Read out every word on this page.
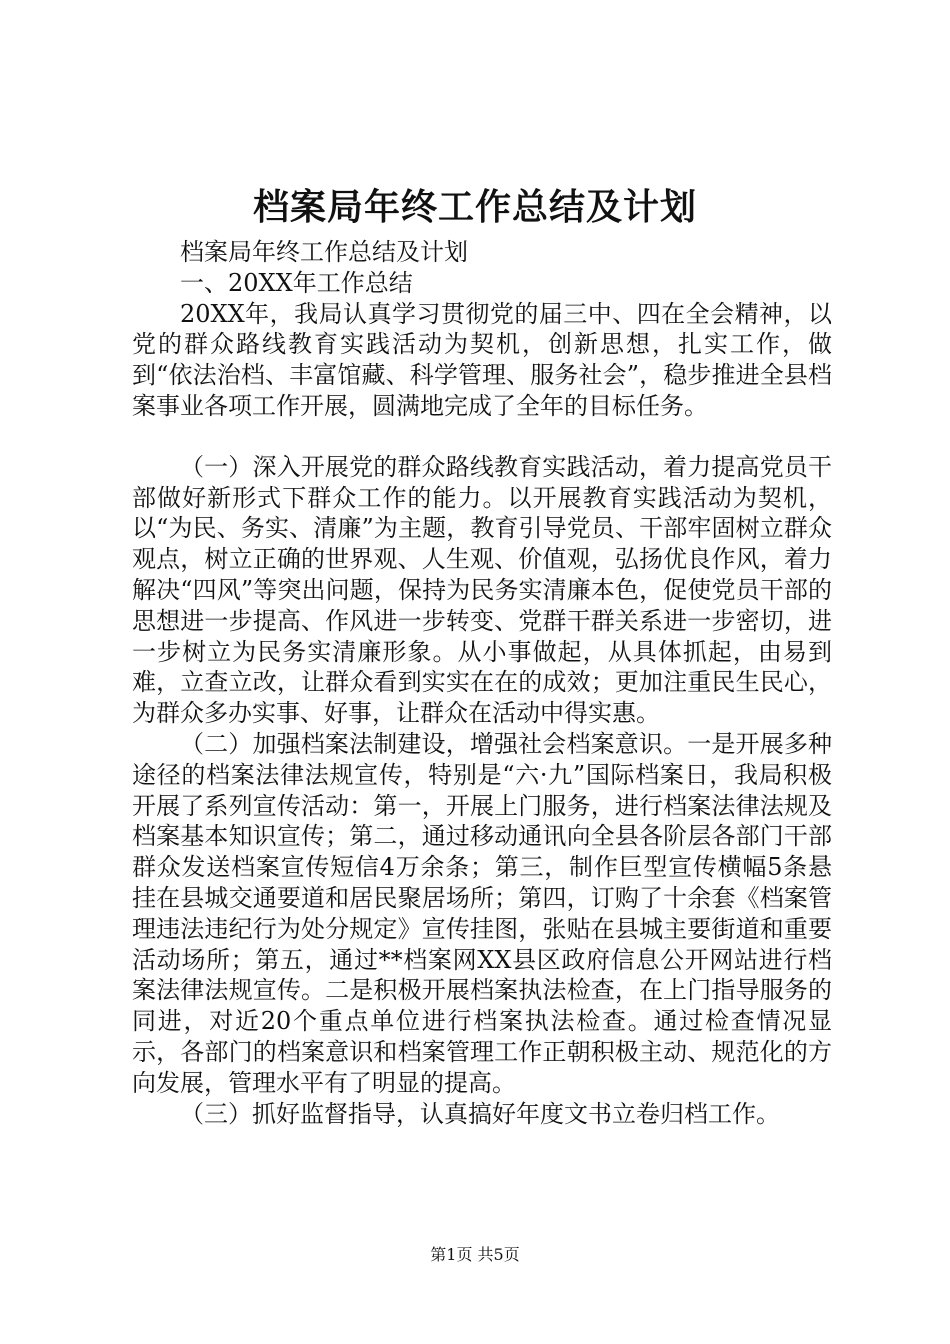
档案局年终工作总结及计划

档案局年终工作总结及计划

一、20XX年工作总结

20XX年，我局认真学习贯彻党的届三中、四在全会精神，以党的群众路线教育实践活动为契机，创新思想，扎实工作，做到“依法治档、丰富馆藏、科学管理、服务社会”，稳步推进全县档案事业各项工作开展，圆满地完成了全年的目标任务。

（一）深入开展党的群众路线教育实践活动，着力提高党员干部做好新形式下群众工作的能力。以开展教育实践活动为契机，以“为民、务实、清廉”为主题，教育引导党员、干部牢固树立群众观点，树立正确的世界观、人生观、价值观，弘扬优良作风，着力解决“四风”等突出问题，保持为民务实清廉本色，促使党员干部的思想进一步提高、作风进一步转变、党群干群关系进一步密切，进一步树立为民务实清廉形象。从小事做起，从具体抓起，由易到难，立查立改，让群众看到实实在在的成效；更加注重民生民心，为群众多办实事、好事，让群众在活动中得实惠。

（二）加强档案法制建设，增强社会档案意识。一是开展多种途径的档案法律法规宣传，特别是“六·九”国际档案日，我局积极开展了系列宣传活动：第一，开展上门服务，进行档案法律法规及档案基本知识宣传；第二，通过移动通讯向全县各阶层各部门干部群众发送档案宣传短信4万余条；第三，制作巨型宣传横幅5条悬挂在县城交通要道和居民聚居场所；第四，订购了十余套《档案管理违法违纪行为处分规定》宣传挂图，张贴在县城主要街道和重要活动场所；第五，通过**档案网XX县区政府信息公开网站进行档案法律法规宣传。二是积极开展档案执法检查，在上门指导服务的同进，对近20个重点单位进行档案执法检查。通过检查情况显示，各部门的档案意识和档案管理工作正朝积极主动、规范化的方向发展，管理水平有了明显的提高。

（三）抓好监督指导，认真搞好年度文书立卷归档工作。

第1页 共5页
